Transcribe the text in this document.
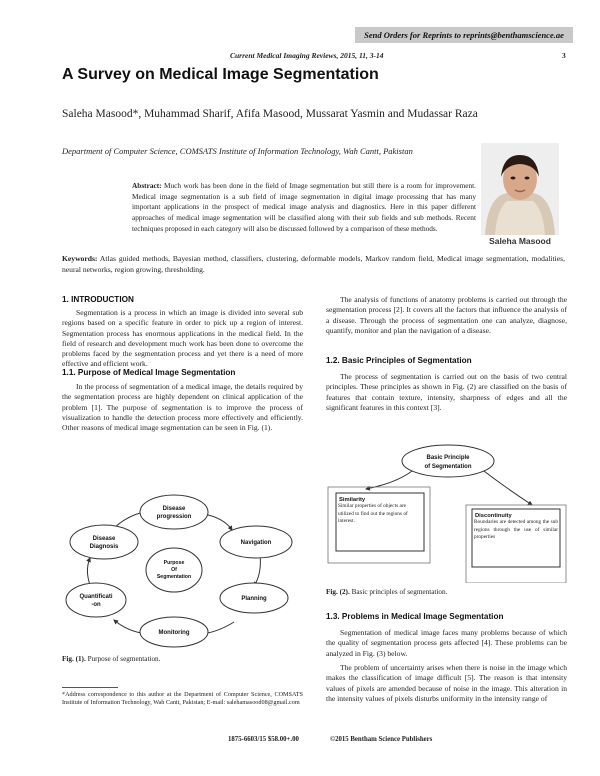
Send Orders for Reprints to reprints@benthamscience.ae
Current Medical Imaging Reviews, 2015, 11, 3-14	3
A Survey on Medical Image Segmentation
Saleha Masood*, Muhammad Sharif, Afifa Masood, Mussarat Yasmin and Mudassar Raza
Department of Computer Science, COMSATS Institute of Information Technology, Wah Cantt, Pakistan
Saleha Masood
Abstract: Much work has been done in the field of Image segmentation but still there is a room for improvement. Medical image segmentation is a sub field of image segmentation in digital image processing that has many important applications in the prospect of medical image analysis and diagnostics. Here in this paper different approaches of medical image segmentation will be classified along with their sub fields and sub methods. Recent techniques proposed in each category will also be discussed followed by a comparison of these methods.
Keywords: Atlas guided methods, Bayesian method, classifiers, clustering, deformable models, Markov random field, Medical image segmentation, modalities, neural networks, region growing, thresholding.
1. INTRODUCTION

Segmentation is a process in which an image is divided into several sub regions based on a specific feature in order to pick up a region of interest. Segmentation process has enormous applications in the medical field. In the field of research and development much work has been done to overcome the problems faced by the segmentation process and yet there is a need of more effective and efficient work.

1.1. Purpose of Medical Image Segmentation

In the process of segmentation of a medical image, the details required by the segmentation process are highly dependent on clinical application of the problem [1]. The purpose of segmentation is to improve the process of visualization to handle the detection process more effectively and efficiently. Other reasons of medical image segmentation can be seen in Fig. (1).

Purpose
Of
Segmentation
Disease
progression
Navigation
Planning
Monitoring
Quantificati
-on
Disease
Diagnosis
Fig. (1). Purpose of segmentation.
*Address correspondence to this author at the Department of Computer Science, COMSATS Institute of Information Technology, Wah Cantt, Pakistan; E-mail: salehamasood08@gmail.com

The analysis of functions of anatomy problems is carried out through the segmentation process [2]. It covers all the factors that influence the analysis of a disease. Through the process of segmentation one can analyze, diagnose, quantify, monitor and plan the navigation of a disease.

1.2. Basic Principles of Segmentation

The process of segmentation is carried out on the basis of two central principles. These principles as shown in Fig. (2) are classified on the basis of features that contain texture, intensity, sharpness of edges and all the significant features in this context [3].

Basic Principle
of Segmentation
Similarity
Discontinuity
Similar properties of objects are utilized to find out the regions of interest.	Boundaries are detected among the sub regions through the use of similar properties
Fig. (2). Basic principles of segmentation.
1.3. Problems in Medical Image Segmentation

Segmentation of medical image faces many problems because of which the quality of segmentation process gets affected [4]. These problems can be analyzed in Fig. (3) below.

The problem of uncertainty arises when there is noise in the image which makes the classification of image difficult [5]. The reason is that intensity values of pixels are amended because of noise in the image. This alteration in the intensity values of pixels disturbs uniformity in the intensity range of

1875-6603/15 $58.00+.00	©2015 Bentham Science Publishers
